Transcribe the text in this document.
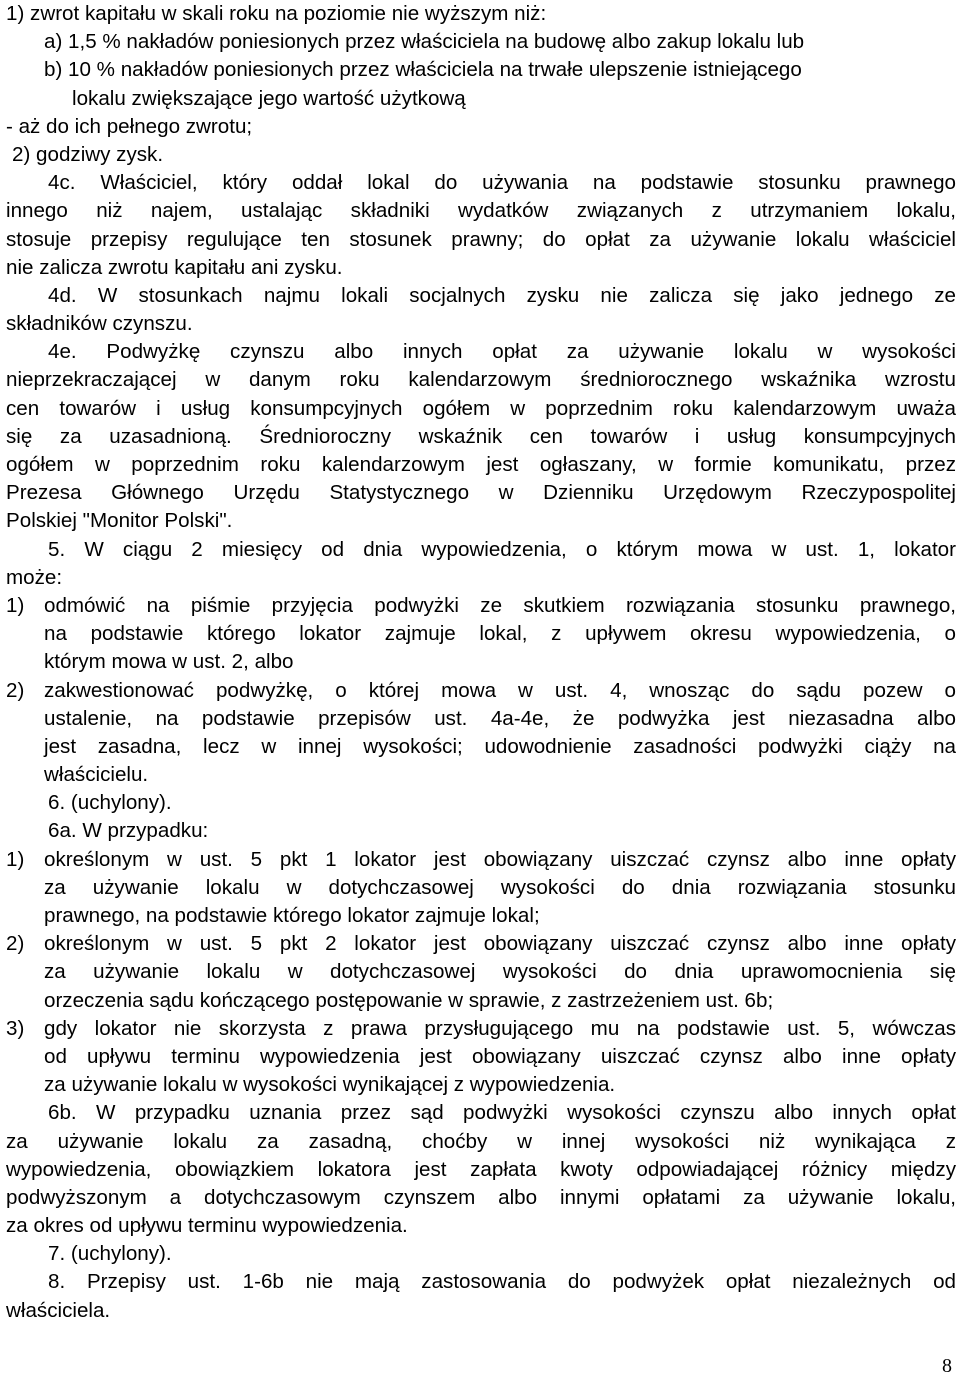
1) zwrot kapitału w skali roku na poziomie nie wyższym niż:
a) 1,5 % nakładów poniesionych przez właściciela na budowę albo zakup lokalu lub
b) 10 % nakładów poniesionych przez właściciela na trwałe ulepszenie istniejącego
lokalu zwiększające jego wartość użytkową
- aż do ich pełnego zwrotu;
2) godziwy zysk.
4c. Właściciel, który oddał lokal do używania na podstawie stosunku prawnego
innego niż najem, ustalając składniki wydatków związanych z utrzymaniem lokalu,
stosuje przepisy regulujące ten stosunek prawny; do opłat za używanie lokalu właściciel
nie zalicza zwrotu kapitału ani zysku.
4d. W stosunkach najmu lokali socjalnych zysku nie zalicza się jako jednego ze
składników czynszu.
4e. Podwyżkę czynszu albo innych opłat za używanie lokalu w wysokości
nieprzekraczającej w danym roku kalendarzowym średniorocznego wskaźnika wzrostu
cen towarów i usług konsumpcyjnych ogółem w poprzednim roku kalendarzowym uważa
się za uzasadnioną. Średnioroczny wskaźnik cen towarów i usług konsumpcyjnych
ogółem w poprzednim roku kalendarzowym jest ogłaszany, w formie komunikatu, przez
Prezesa Głównego Urzędu Statystycznego w Dzienniku Urzędowym Rzeczypospolitej
Polskiej "Monitor Polski".
5. W ciągu 2 miesięcy od dnia wypowiedzenia, o którym mowa w ust. 1, lokator
może:
1) odmówić na piśmie przyjęcia podwyżki ze skutkiem rozwiązania stosunku prawnego,
na podstawie którego lokator zajmuje lokal, z upływem okresu wypowiedzenia, o
którym mowa w ust. 2, albo
2) zakwestionować podwyżkę, o której mowa w ust. 4, wnosząc do sądu pozew o
ustalenie, na podstawie przepisów ust. 4a-4e, że podwyżka jest niezasadna albo
jest zasadna, lecz w innej wysokości; udowodnienie zasadności podwyżki ciąży na
właścicielu.
6. (uchylony).
6a. W przypadku:
1) określonym w ust. 5 pkt 1 lokator jest obowiązany uiszczać czynsz albo inne opłaty
za używanie lokalu w dotychczasowej wysokości do dnia rozwiązania stosunku
prawnego, na podstawie którego lokator zajmuje lokal;
2) określonym w ust. 5 pkt 2 lokator jest obowiązany uiszczać czynsz albo inne opłaty
za używanie lokalu w dotychczasowej wysokości do dnia uprawomocnienia się
orzeczenia sądu kończącego postępowanie w sprawie, z zastrzeżeniem ust. 6b;
3) gdy lokator nie skorzysta z prawa przysługującego mu na podstawie ust. 5, wówczas
od upływu terminu wypowiedzenia jest obowiązany uiszczać czynsz albo inne opłaty
za używanie lokalu w wysokości wynikającej z wypowiedzenia.
6b. W przypadku uznania przez sąd podwyżki wysokości czynszu albo innych opłat
za używanie lokalu za zasadną, choćby w innej wysokości niż wynikająca z
wypowiedzenia, obowiązkiem lokatora jest zapłata kwoty odpowiadającej różnicy między
podwyższonym a dotychczasowym czynszem albo innymi opłatami za używanie lokalu,
za okres od upływu terminu wypowiedzenia.
7. (uchylony).
8. Przepisy ust. 1-6b nie mają zastosowania do podwyżek opłat niezależnych od
właściciela.
8
